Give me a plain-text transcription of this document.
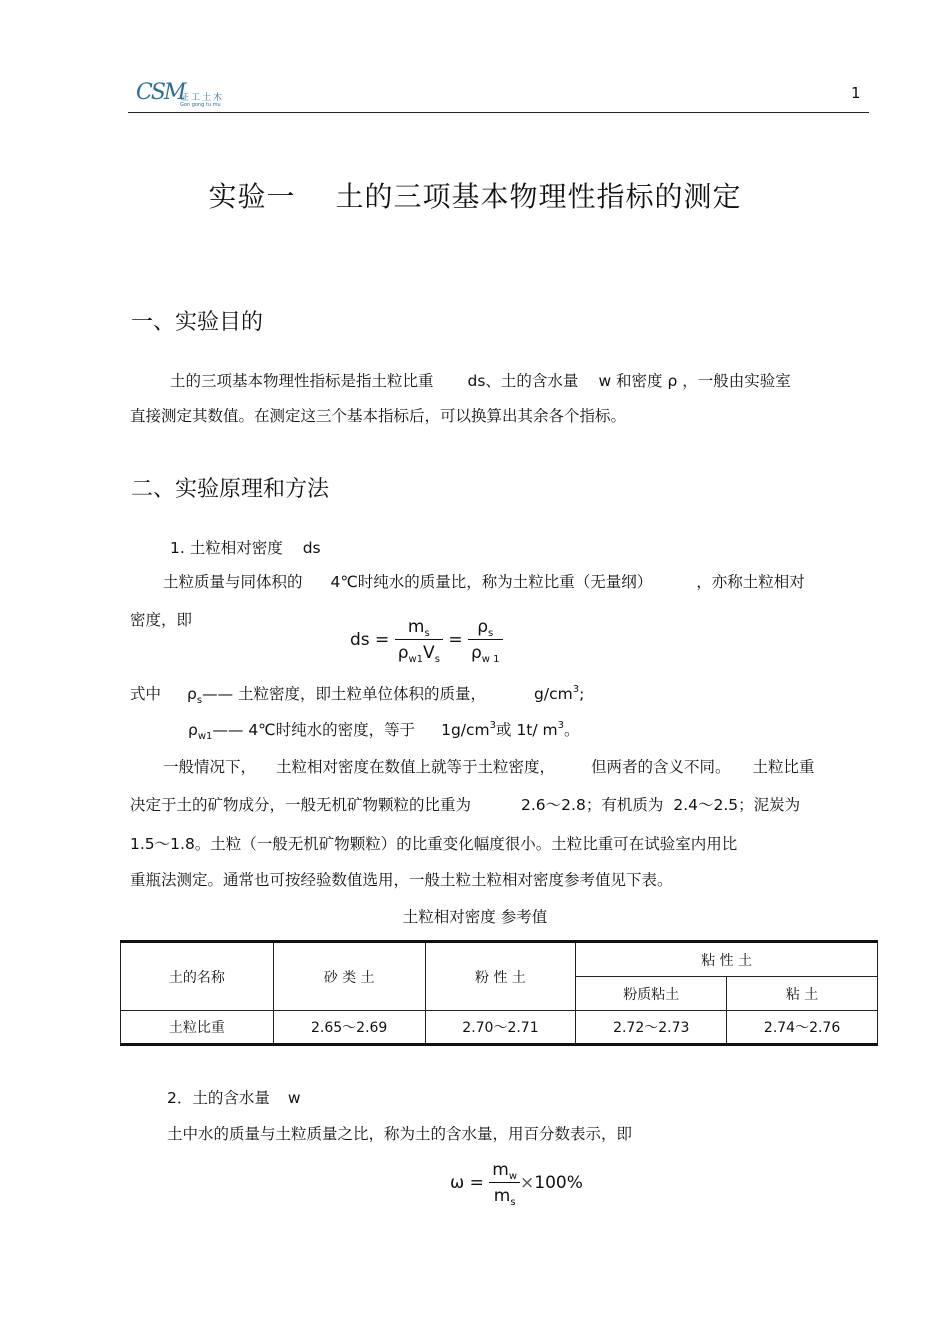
CSM
证工土木
Gon gong tu mu
1
实验一 土的三项基本物理性指标的测定
一、实验目的
土的三项基本物理性指标是指土粒比重 ds、土的含水量 w 和密度 ρ ，一般由实验室
直接测定其数值。在测定这三个基本指标后，可以换算出其余各个指标。
二、实验原理和方法
1. 土粒相对密度 ds
土粒质量与同体积的 4℃时纯水的质量比，称为土粒比重（无量纲）	，亦称土粒相对
密度，即
ds = $\frac{m_s}{\rho_{w1}V_s} = \frac{\rho_s}{\rho_{w 1}}$
式中 $\rho_s——$ 土粒密度，即土粒单位体积的质量，	$g/cm^3$;
$\rho_{w1}——$ 4℃时纯水的密度，等于 $1g/cm^3$或 1t/ $m^3$。
一般情况下， 土粒相对密度在数值上就等于土粒密度， 但两者的含义不同。 土粒比重
决定于土的矿物成分，一般无机矿物颗粒的比重为	2.6～2.8；有机质为 2.4～2.5；泥炭为
1.5～1.8。土粒（一般无机矿物颗粒）的比重变化幅度很小。土粒比重可在试验室内用比
重瓶法测定。通常也可按经验数值选用，一般土粒土粒相对密度参考值见下表。
土粒相对密度 参考值
土的名称	砂 类 土	粉 性 土	粘 性 土	
			粉质粘土	粘 土
土粒比重	2.65～2.69	2.70～2.71	2.72～2.73	2.74～2.76
2．土的含水量 w
土中水的质量与土粒质量之比，称为土的含水量，用百分数表示，即
$\omega = \frac{m_w}{m_s} \times 100\%$
